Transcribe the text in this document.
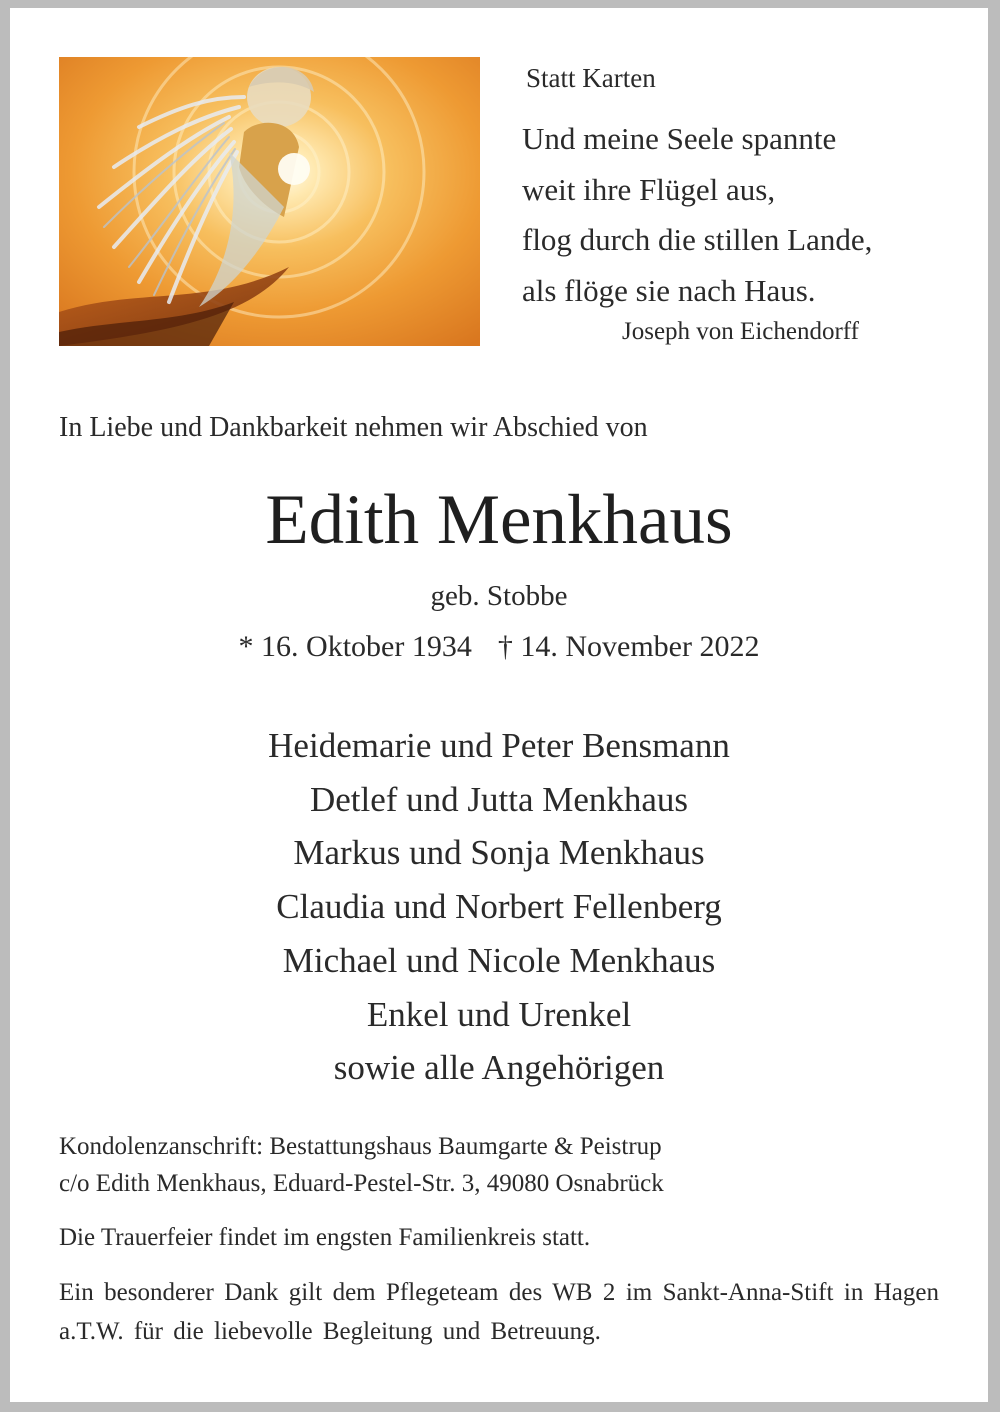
Statt Karten

Und meine Seele spannte
weit ihre Flügel aus,
flog durch die stillen Lande,
als flöge sie nach Haus.

Joseph von Eichendorff

In Liebe und Dankbarkeit nehmen wir Abschied von

Edith Menkhaus

geb. Stobbe

* 16. Oktober 1934 † 14. November 2022

Heidemarie und Peter Bensmann
Detlef und Jutta Menkhaus
Markus und Sonja Menkhaus
Claudia und Norbert Fellenberg
Michael und Nicole Menkhaus
Enkel und Urenkel
sowie alle Angehörigen

Kondolenzanschrift: Bestattungshaus Baumgarte & Peistrup
c/o Edith Menkhaus, Eduard-Pestel-Str. 3, 49080 Osnabrück

Die Trauerfeier findet im engsten Familienkreis statt.

Ein besonderer Dank gilt dem Pflegeteam des WB 2 im Sankt-Anna-Stift in Hagen a.T.W. für die liebevolle Begleitung und Betreuung.
